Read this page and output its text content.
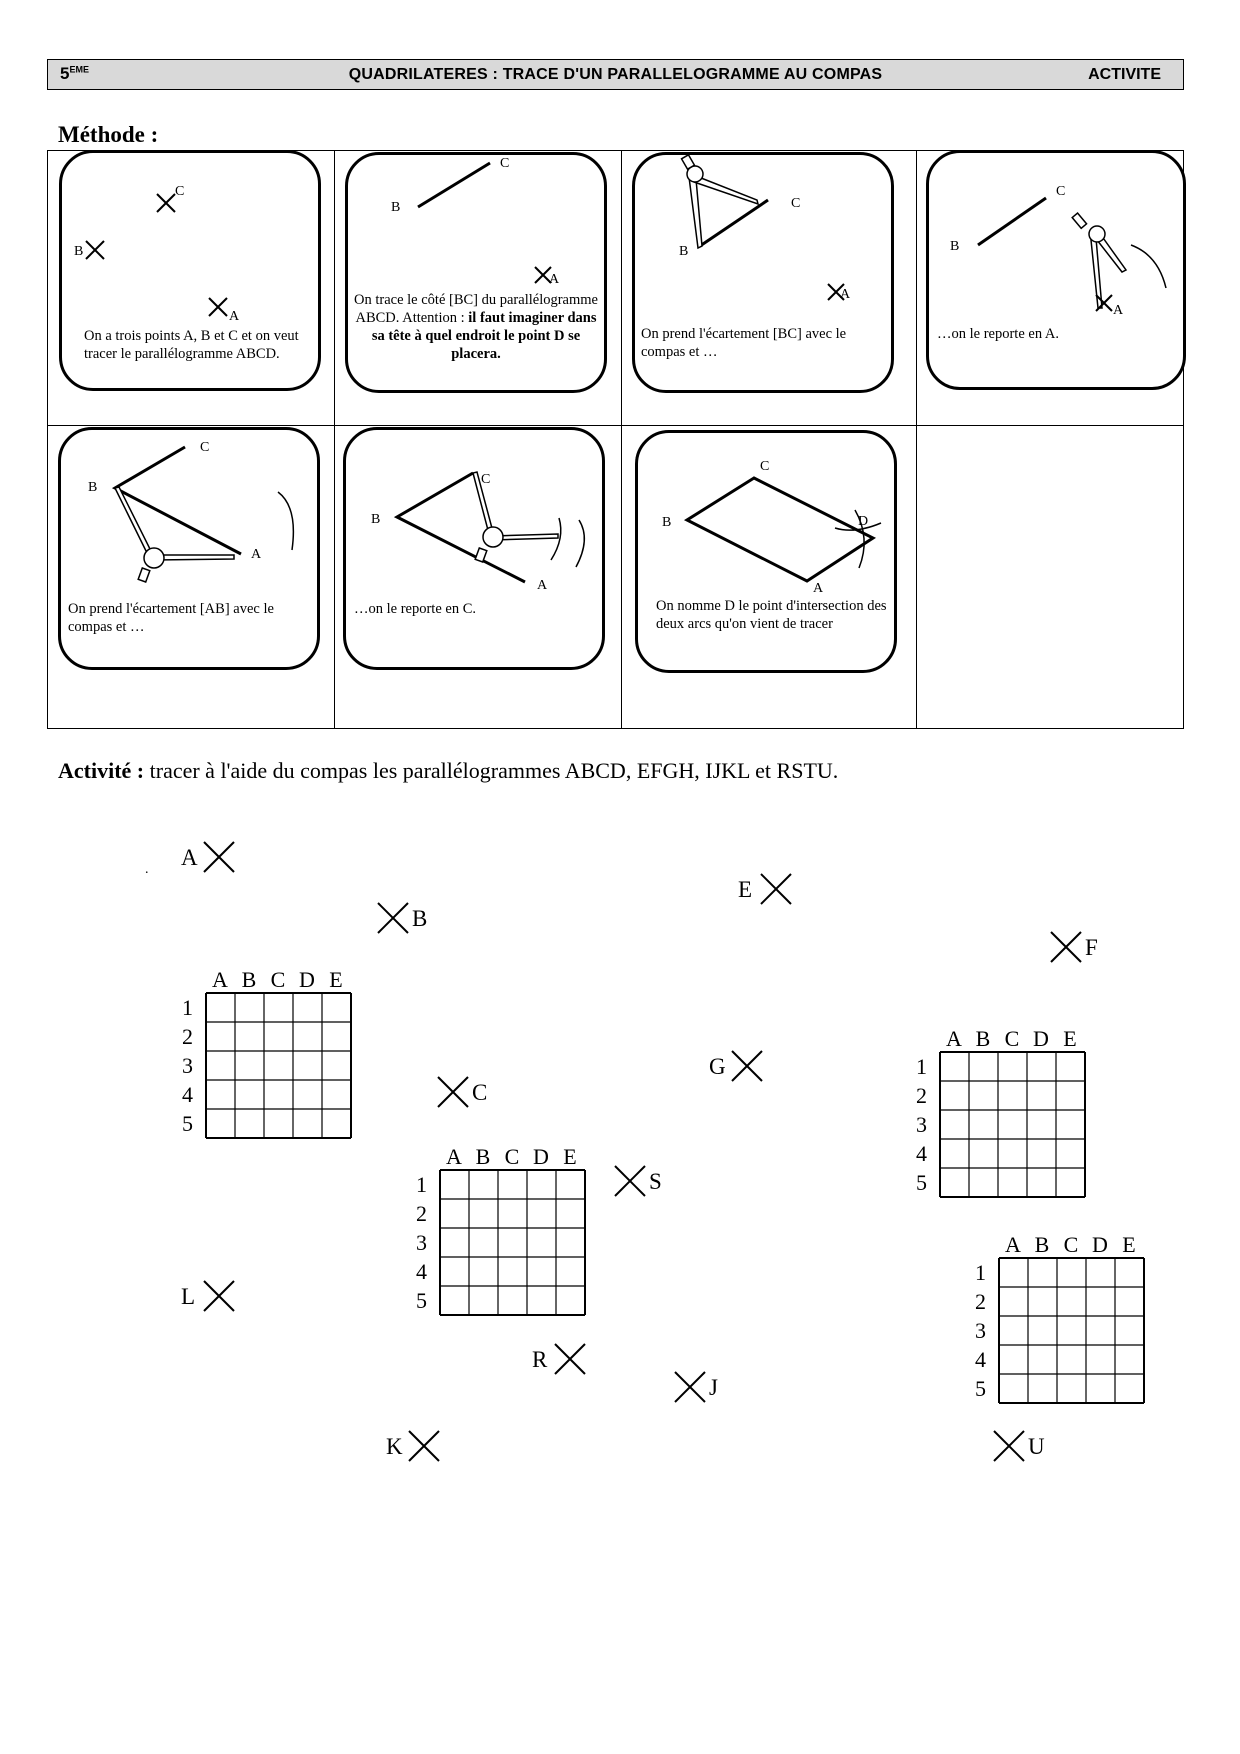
5EME	QUADRILATERES : TRACE D'UN PARALLELOGRAMME AU COMPAS	ACTIVITE
Méthode :
C
B
A
On a trois points A, B et C et on veut tracer le parallélogramme ABCD.
C
B
A
On trace le côté [BC] du parallélogramme ABCD. Attention : il faut imaginer dans sa tête à quel endroit le point D se placera.
C
B
A
On prend l'écartement [BC] avec le compas et …
C
B
A
…on le reporte en A.
C
B
A
On prend l'écartement [AB] avec le compas et …
C
B
A
…on le reporte en C.
C
B	D
A
On nomme D le point d'intersection des deux arcs qu'on vient de tracer
Activité : tracer à l'aide du compas les parallélogrammes ABCD, EFGH, IJKL et RSTU.
. A
B
C
E
F
G
L
R
J
K
S
U
A B C D E
1
2
3
4
5
A B C D E
1
2
3
4
5
A B C D E
1
2
3
4
5
A B C D E
1
2
3
4
5
